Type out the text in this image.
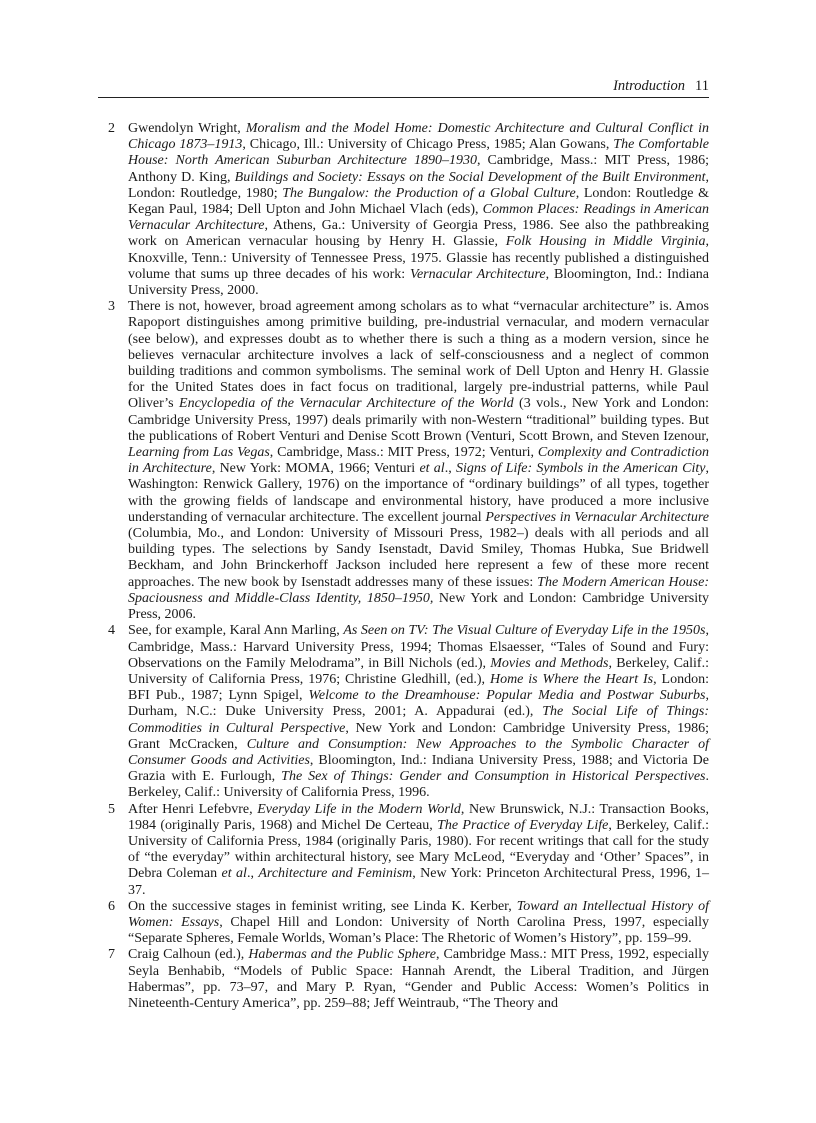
Introduction 11
2 Gwendolyn Wright, Moralism and the Model Home: Domestic Architecture and Cultural Conflict in Chicago 1873–1913, Chicago, Ill.: University of Chicago Press, 1985; Alan Gowans, The Comfortable House: North American Suburban Architecture 1890–1930, Cambridge, Mass.: MIT Press, 1986; Anthony D. King, Buildings and Society: Essays on the Social Development of the Built Environment, London: Routledge, 1980; The Bungalow: the Production of a Global Culture, London: Routledge & Kegan Paul, 1984; Dell Upton and John Michael Vlach (eds), Common Places: Readings in American Vernacular Architecture, Athens, Ga.: University of Georgia Press, 1986. See also the pathbreaking work on American vernacular housing by Henry H. Glassie, Folk Housing in Middle Virginia, Knoxville, Tenn.: University of Tennessee Press, 1975. Glassie has recently published a distinguished volume that sums up three decades of his work: Vernacular Architecture, Bloomington, Ind.: Indiana University Press, 2000.
3 There is not, however, broad agreement among scholars as to what “vernacular architecture” is. Amos Rapoport distinguishes among primitive building, pre-industrial vernacular, and modern vernacular (see below), and expresses doubt as to whether there is such a thing as a modern version, since he believes vernacular architecture involves a lack of self-consciousness and a neglect of common building traditions and common symbolisms. The seminal work of Dell Upton and Henry H. Glassie for the United States does in fact focus on traditional, largely pre-industrial patterns, while Paul Oliver’s Encyclopedia of the Vernacular Architecture of the World (3 vols., New York and London: Cambridge University Press, 1997) deals primarily with non-Western “traditional” building types. But the publications of Robert Venturi and Denise Scott Brown (Venturi, Scott Brown, and Steven Izenour, Learning from Las Vegas, Cambridge, Mass.: MIT Press, 1972; Venturi, Complexity and Contradiction in Architecture, New York: MOMA, 1966; Venturi et al., Signs of Life: Symbols in the American City, Washington: Renwick Gallery, 1976) on the importance of “ordinary buildings” of all types, together with the growing fields of landscape and environmental history, have produced a more inclusive understanding of vernacular architecture. The excellent journal Perspectives in Vernacular Architecture (Columbia, Mo., and London: University of Missouri Press, 1982–) deals with all periods and all building types. The selections by Sandy Isenstadt, David Smiley, Thomas Hubka, Sue Bridwell Beckham, and John Brinckerhoff Jackson included here represent a few of these more recent approaches. The new book by Isenstadt addresses many of these issues: The Modern American House: Spaciousness and Middle-Class Identity, 1850–1950, New York and London: Cambridge University Press, 2006.
4 See, for example, Karal Ann Marling, As Seen on TV: The Visual Culture of Everyday Life in the 1950s, Cambridge, Mass.: Harvard University Press, 1994; Thomas Elsaesser, “Tales of Sound and Fury: Observations on the Family Melodrama”, in Bill Nichols (ed.), Movies and Methods, Berkeley, Calif.: University of California Press, 1976; Christine Gledhill, (ed.), Home is Where the Heart Is, London: BFI Pub., 1987; Lynn Spigel, Welcome to the Dreamhouse: Popular Media and Postwar Suburbs, Durham, N.C.: Duke University Press, 2001; A. Appadurai (ed.), The Social Life of Things: Commodities in Cultural Perspective, New York and London: Cambridge University Press, 1986; Grant McCracken, Culture and Consumption: New Approaches to the Symbolic Character of Consumer Goods and Activities, Bloomington, Ind.: Indiana University Press, 1988; and Victoria De Grazia with E. Furlough, The Sex of Things: Gender and Consumption in Historical Perspectives. Berkeley, Calif.: University of California Press, 1996.
5 After Henri Lefebvre, Everyday Life in the Modern World, New Brunswick, N.J.: Transaction Books, 1984 (originally Paris, 1968) and Michel De Certeau, The Practice of Everyday Life, Berkeley, Calif.: University of California Press, 1984 (originally Paris, 1980). For recent writings that call for the study of “the everyday” within architectural history, see Mary McLeod, “Everyday and ‘Other’ Spaces”, in Debra Coleman et al., Architecture and Feminism, New York: Princeton Architectural Press, 1996, 1–37.
6 On the successive stages in feminist writing, see Linda K. Kerber, Toward an Intellectual History of Women: Essays, Chapel Hill and London: University of North Carolina Press, 1997, especially “Separate Spheres, Female Worlds, Woman’s Place: The Rhetoric of Women’s History”, pp. 159–99.
7 Craig Calhoun (ed.), Habermas and the Public Sphere, Cambridge Mass.: MIT Press, 1992, especially Seyla Benhabib, “Models of Public Space: Hannah Arendt, the Liberal Tradition, and Jürgen Habermas”, pp. 73–97, and Mary P. Ryan, “Gender and Public Access: Women’s Politics in Nineteenth-Century America”, pp. 259–88; Jeff Weintraub, “The Theory and
